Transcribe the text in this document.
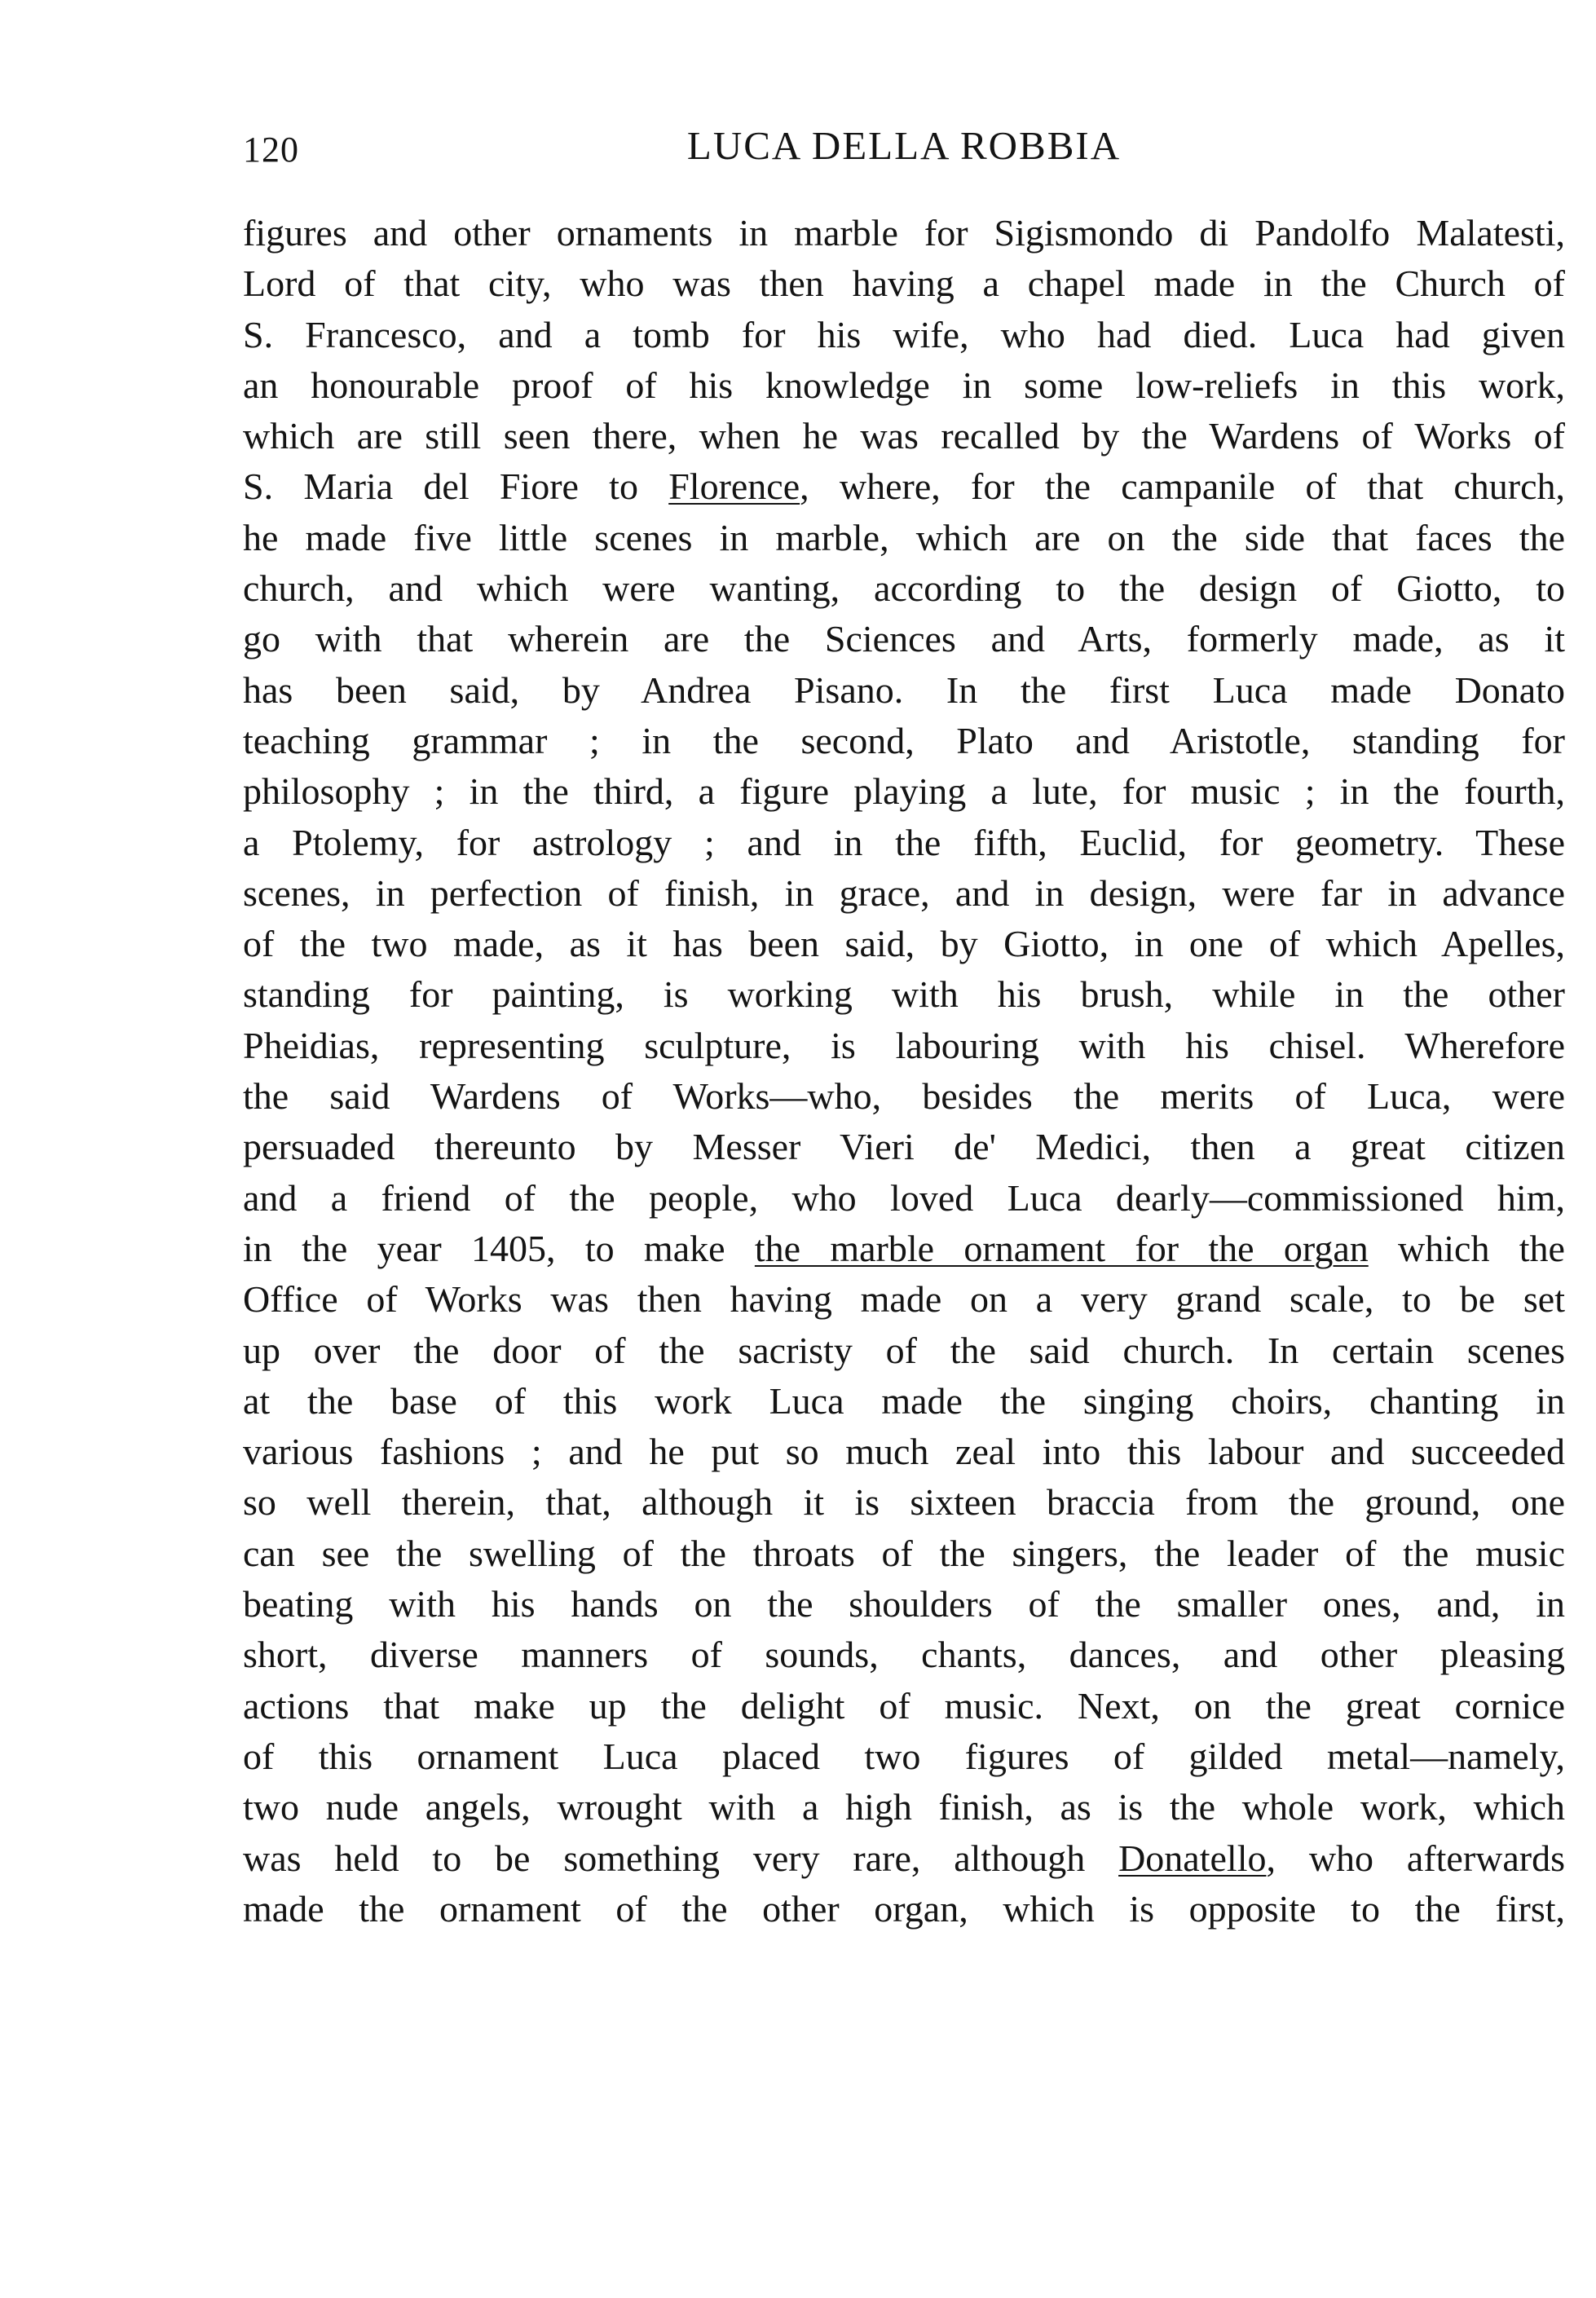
120	LUCA DELLA ROBBIA
figures and other ornaments in marble for Sigismondo di Pandolfo Malatesti,
Lord of that city, who was then having a chapel made in the Church of
S. Francesco, and a tomb for his wife, who had died. Luca had given
an honourable proof of his knowledge in some low-reliefs in this work,
which are still seen there, when he was recalled by the Wardens of Works of
S. Maria del Fiore to Florence, where, for the campanile of that church,
he made five little scenes in marble, which are on the side that faces the
church, and which were wanting, according to the design of Giotto, to
go with that wherein are the Sciences and Arts, formerly made, as it
has been said, by Andrea Pisano. In the first Luca made Donato
teaching grammar ; in the second, Plato and Aristotle, standing for
philosophy ; in the third, a figure playing a lute, for music ; in the fourth,
a Ptolemy, for astrology ; and in the fifth, Euclid, for geometry. These
scenes, in perfection of finish, in grace, and in design, were far in advance
of the two made, as it has been said, by Giotto, in one of which Apelles,
standing for painting, is working with his brush, while in the other
Pheidias, representing sculpture, is labouring with his chisel. Wherefore
the said Wardens of Works—who, besides the merits of Luca, were
persuaded thereunto by Messer Vieri de' Medici, then a great citizen
and a friend of the people, who loved Luca dearly—commissioned him,
in the year 1405, to make the marble ornament for the organ which the
Office of Works was then having made on a very grand scale, to be set
up over the door of the sacristy of the said church. In certain scenes
at the base of this work Luca made the singing choirs, chanting in
various fashions ; and he put so much zeal into this labour and succeeded
so well therein, that, although it is sixteen braccia from the ground, one
can see the swelling of the throats of the singers, the leader of the music
beating with his hands on the shoulders of the smaller ones, and, in
short, diverse manners of sounds, chants, dances, and other pleasing
actions that make up the delight of music. Next, on the great cornice
of this ornament Luca placed two figures of gilded metal—namely,
two nude angels, wrought with a high finish, as is the whole work, which
was held to be something very rare, although Donatello, who afterwards
made the ornament of the other organ, which is opposite to the first,
